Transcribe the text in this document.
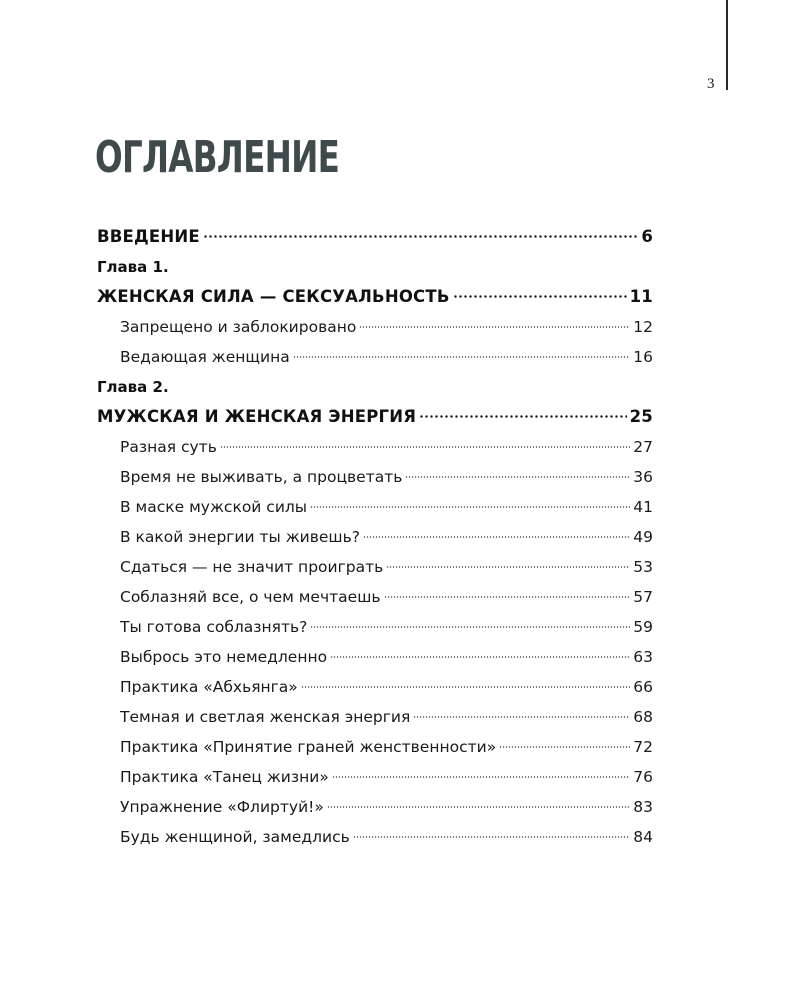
3
ОГЛАВЛЕНИЕ
ВВЕДЕНИЕ	6
Глава 1.
ЖЕНСКАЯ СИЛА — СЕКСУАЛЬНОСТЬ	11
Запрещено и заблокировано	12
Ведающая женщина	16
Глава 2.
МУЖСКАЯ И ЖЕНСКАЯ ЭНЕРГИЯ	25
Разная суть	27
Время не выживать, а процветать	36
В маске мужской силы	41
В какой энергии ты живешь?	49
Сдаться — не значит проиграть	53
Соблазняй все, о чем мечтаешь	57
Ты готова соблазнять?	59
Выбрось это немедленно	63
Практика «Абхьянга»	66
Темная и светлая женская энергия	68
Практика «Принятие граней женственности»	72
Практика «Танец жизни»	76
Упражнение «Флиртуй!»	83
Будь женщиной, замедлись	84
